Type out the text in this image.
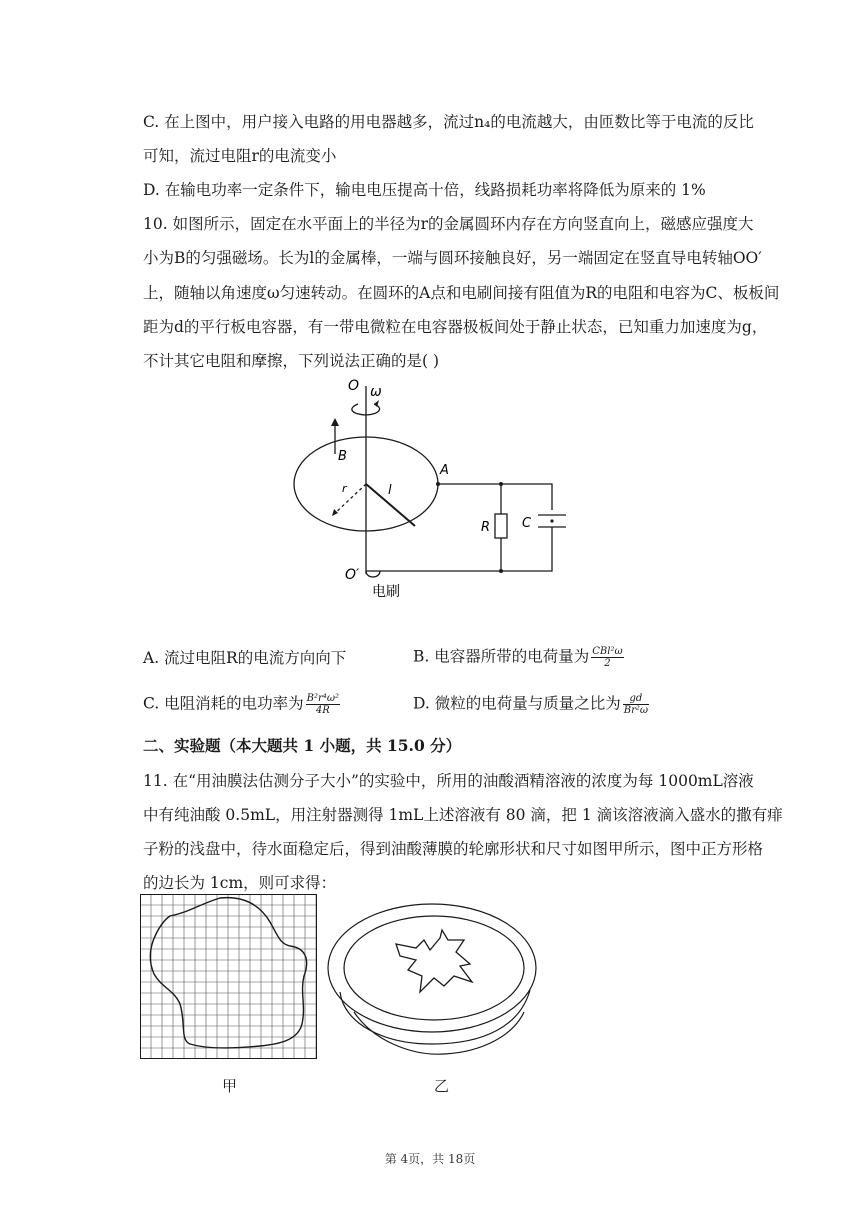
C. 在上图中，用户接入电路的用电器越多，流过n₄的电流越大，由匝数比等于电流的反比
可知，流过电阻r的电流变小
D. 在输电功率一定条件下，输电电压提高十倍，线路损耗功率将降低为原来的 1%
10. 如图所示，固定在水平面上的半径为r的金属圆环内存在方向竖直向上，磁感应强度大
小为B的匀强磁场。长为l的金属棒，一端与圆环接触良好，另一端固定在竖直导电转轴OO′
上，随轴以角速度ω匀速转动。在圆环的A点和电刷间接有阻值为R的电阻和电容为C、板板间
距为d的平行板电容器，有一带电微粒在电容器极板间处于静止状态，已知重力加速度为g，
不计其它电阻和摩擦，下列说法正确的是( )
O ω
B
A
r	l
R C
O′
电刷
A. 流过电阻R的电流方向向下	B. 电容器所带的电荷量为 $\frac{\text{CBl²ω}}{2}$
C. 电阻消耗的电功率为 $\frac{\text{B²r⁴ω²}}{4R}$	D. 微粒的电荷量与质量之比为 $\frac{gd}{\text{Br²ω}}$
二、实验题（本大题共 1 小题，共 15.0 分）
11. 在“用油膜法估测分子大小”的实验中，所用的油酸酒精溶液的浓度为每 1000mL溶液
中有纯油酸 0.5mL，用注射器测得 1mL上述溶液有 80 滴，把 1 滴该溶液滴入盛水的撒有痱
子粉的浅盘中，待水面稳定后，得到油酸薄膜的轮廓形状和尺寸如图甲所示，图中正方形格
的边长为 1cm，则可求得：
甲	乙
第 4页，共 18页
